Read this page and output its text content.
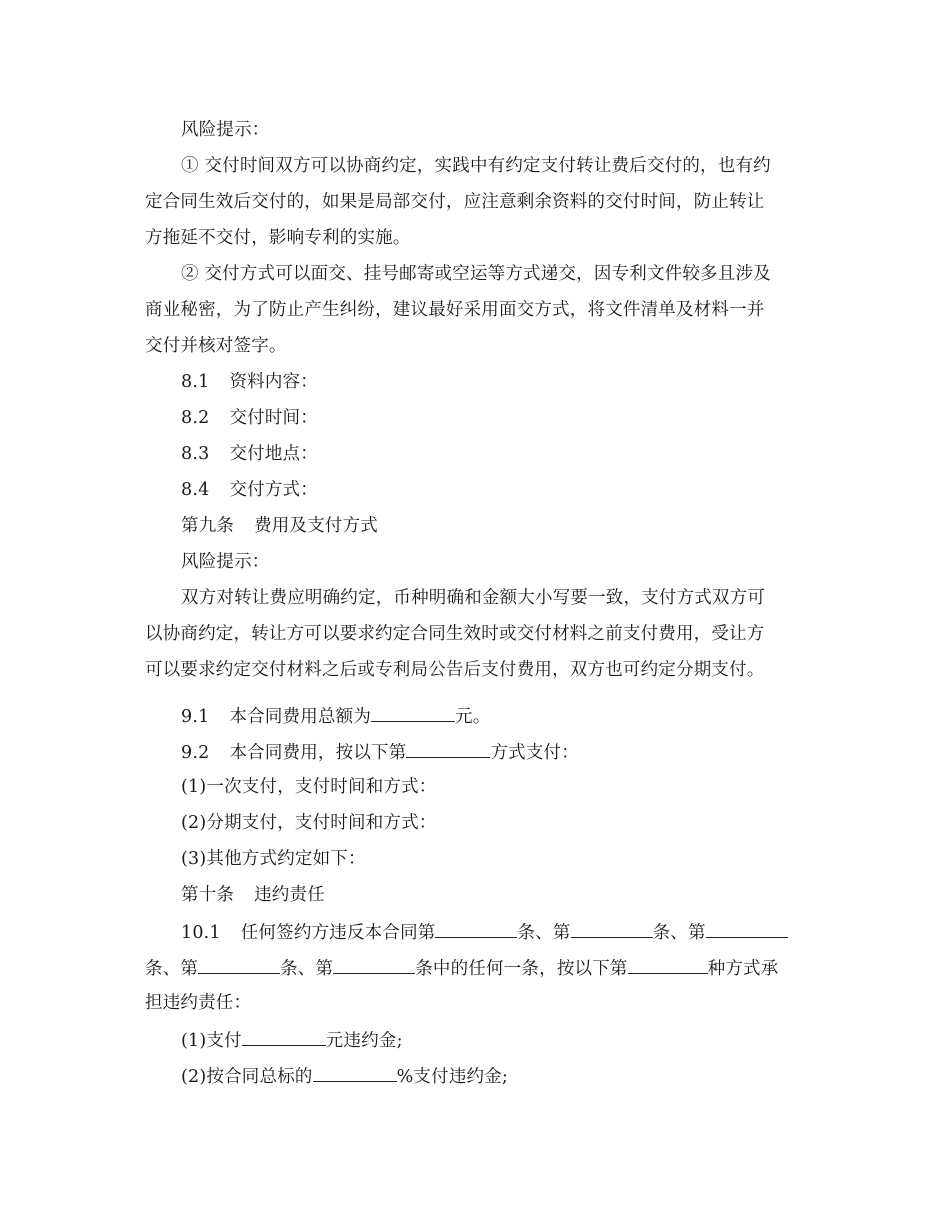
风险提示：
① 交付时间双方可以协商约定，实践中有约定支付转让费后交付的，也有约
定合同生效后交付的，如果是局部交付，应注意剩余资料的交付时间，防止转让
方拖延不交付，影响专利的实施。
② 交付方式可以面交、挂号邮寄或空运等方式递交，因专利文件较多且涉及
商业秘密，为了防止产生纠纷，建议最好采用面交方式，将文件清单及材料一并
交付并核对签字。
8.1 资料内容：
8.2 交付时间：
8.3 交付地点：
8.4 交付方式：
第九条 费用及支付方式
风险提示：
双方对转让费应明确约定，币种明确和金额大小写要一致，支付方式双方可
以协商约定，转让方可以要求约定合同生效时或交付材料之前支付费用，受让方
可以要求约定交付材料之后或专利局公告后支付费用，双方也可约定分期支付。
9.1 本合同费用总额为	元。
9.2 本合同费用，按以下第	方式支付：
(1)一次支付，支付时间和方式：
(2)分期支付，支付时间和方式：
(3)其他方式约定如下：
第十条 违约责任
10.1 任何签约方违反本合同第	条、第	条、第
条、第	条、第	条中的任何一条，按以下第	种方式承
担违约责任：
(1)支付	元违约金;
(2)按合同总标的	%支付违约金;
